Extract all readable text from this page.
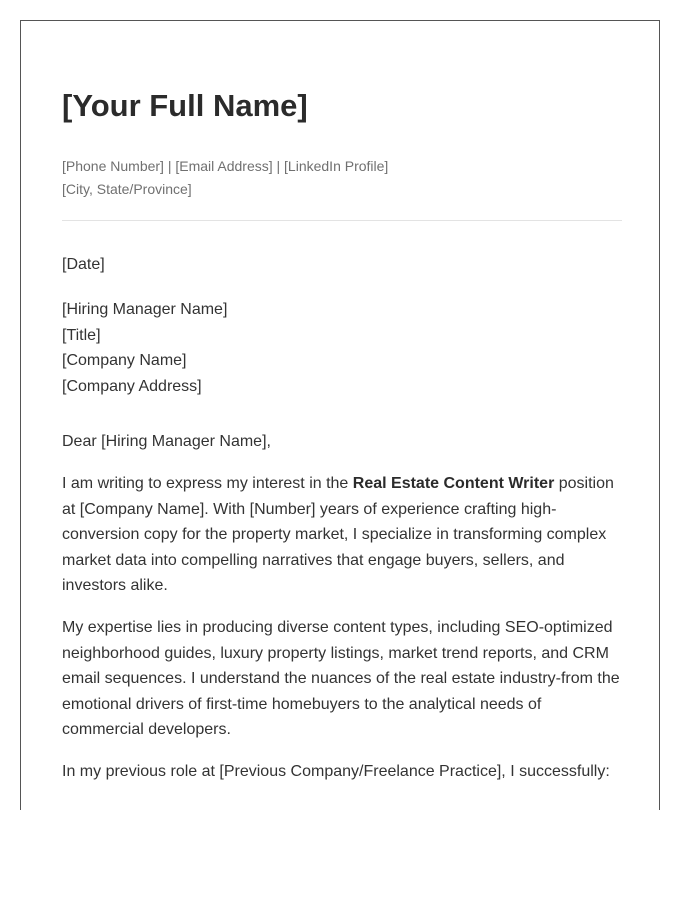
[Your Full Name]
[Phone Number] | [Email Address] | [LinkedIn Profile]
[City, State/Province]
[Date]
[Hiring Manager Name]
[Title]
[Company Name]
[Company Address]
Dear [Hiring Manager Name],

I am writing to express my interest in the Real Estate Content Writer position
at [Company Name]. With [Number] years of experience crafting high-
conversion copy for the property market, I specialize in transforming complex
market data into compelling narratives that engage buyers, sellers, and
investors alike.

My expertise lies in producing diverse content types, including SEO-optimized
neighborhood guides, luxury property listings, market trend reports, and CRM
email sequences. I understand the nuances of the real estate industry-from the
emotional drivers of first-time homebuyers to the analytical needs of
commercial developers.

In my previous role at [Previous Company/Freelance Practice], I successfully:
